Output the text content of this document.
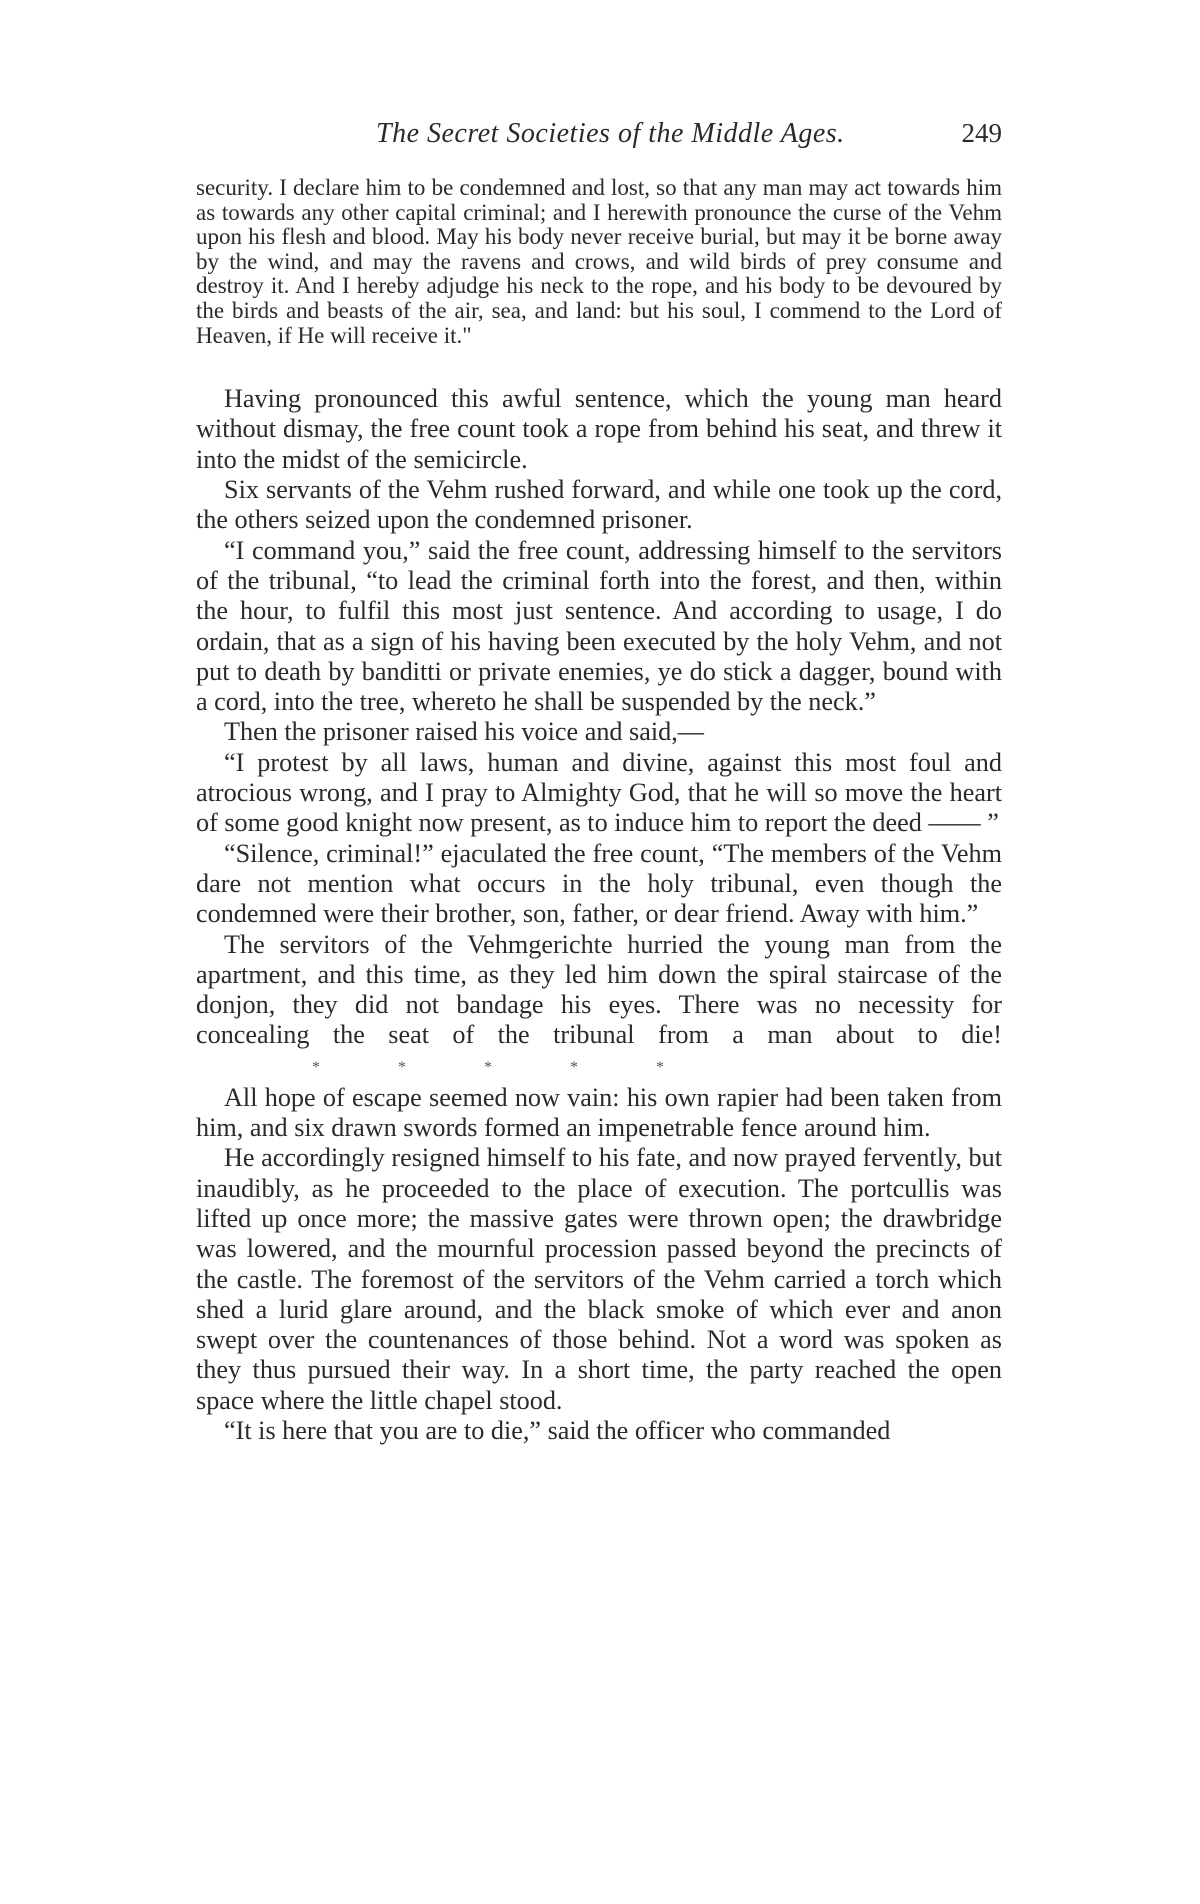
The Secret Societies of the Middle Ages.	249

security. I declare him to be condemned and lost, so that any man may act towards him as towards any other capital criminal; and I herewith pronounce the curse of the Vehm upon his flesh and blood. May his body never receive burial, but may it be borne away by the wind, and may the ravens and crows, and wild birds of prey consume and destroy it. And I hereby adjudge his neck to the rope, and his body to be devoured by the birds and beasts of the air, sea, and land: but his soul, I commend to the Lord of Heaven, if He will receive it."

Having pronounced this awful sentence, which the young man heard without dismay, the free count took a rope from behind his seat, and threw it into the midst of the semicircle.

Six servants of the Vehm rushed forward, and while one took up the cord, the others seized upon the condemned prisoner.

“I command you,” said the free count, addressing himself to the servitors of the tribunal, “to lead the criminal forth into the forest, and then, within the hour, to fulfil this most just sentence. And according to usage, I do ordain, that as a sign of his having been executed by the holy Vehm, and not put to death by banditti or private enemies, ye do stick a dagger, bound with a cord, into the tree, whereto he shall be suspended by the neck.”

Then the prisoner raised his voice and said,—

“I protest by all laws, human and divine, against this most foul and atrocious wrong, and I pray to Almighty God, that he will so move the heart of some good knight now present, as to induce him to report the deed —— ”

“Silence, criminal!” ejaculated the free count, “The members of the Vehm dare not mention what occurs in the holy tribunal, even though the condemned were their brother, son, father, or dear friend. Away with him.”

The servitors of the Vehmgerichte hurried the young man from the apartment, and this time, as they led him down the spiral staircase of the donjon, they did not bandage his eyes. There was no necessity for concealing the seat of the tribunal from a man about to die!* * * * *

All hope of escape seemed now vain: his own rapier had been taken from him, and six drawn swords formed an impenetrable fence around him.

He accordingly resigned himself to his fate, and now prayed fervently, but inaudibly, as he proceeded to the place of execution. The portcullis was lifted up once more; the massive gates were thrown open; the drawbridge was lowered, and the mournful procession passed beyond the precincts of the castle. The foremost of the servitors of the Vehm carried a torch which shed a lurid glare around, and the black smoke of which ever and anon swept over the countenances of those behind. Not a word was spoken as they thus pursued their way. In a short time, the party reached the open space where the little chapel stood.

“It is here that you are to die,” said the officer who commanded
